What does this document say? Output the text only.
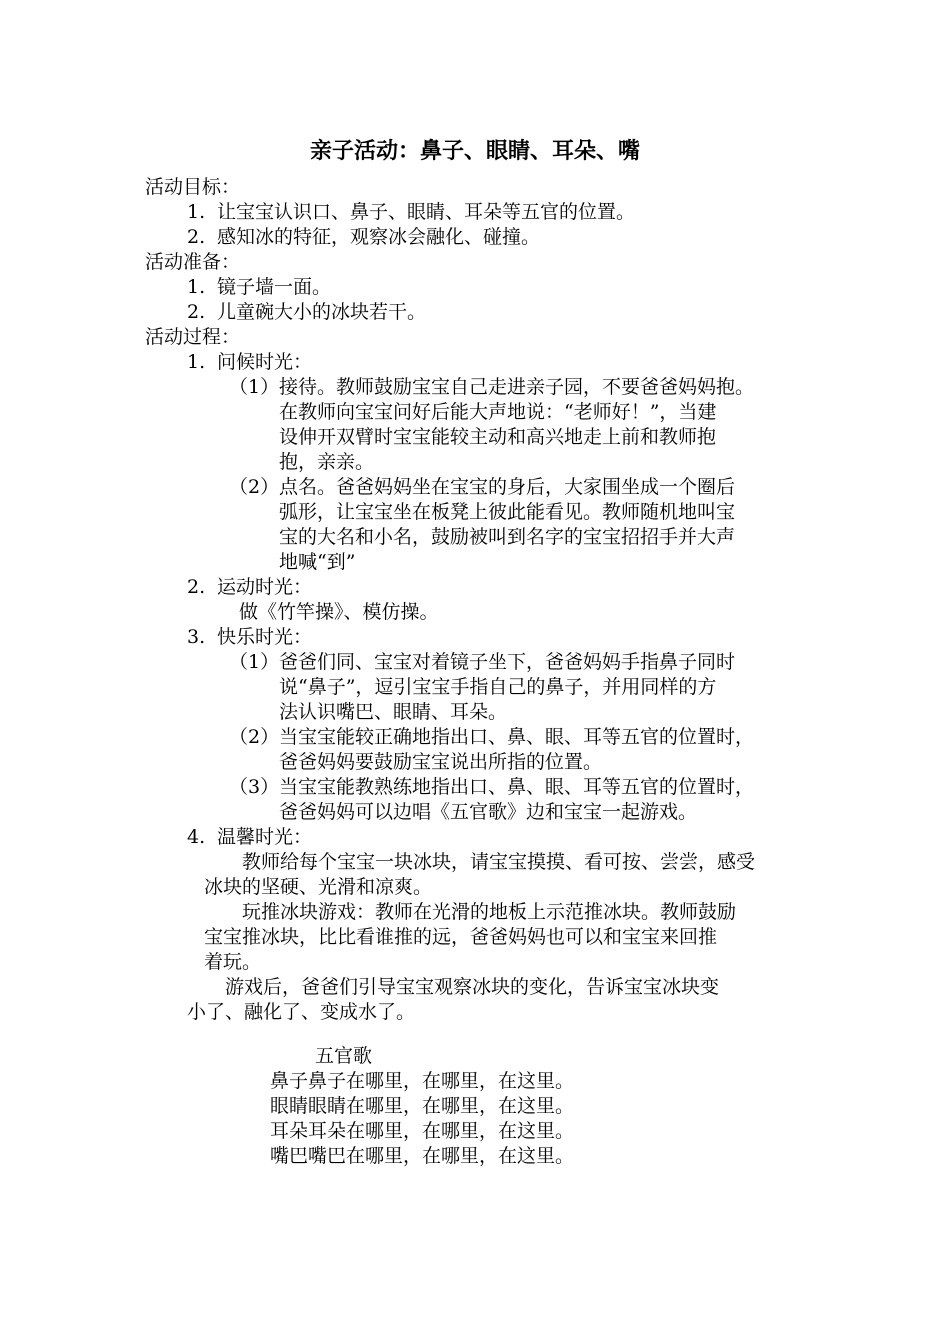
亲子活动：鼻子、眼睛、耳朵、嘴
活动目标：
1. 让宝宝认识口、鼻子、眼睛、耳朵等五官的位置。
2. 感知冰的特征，观察冰会融化、碰撞。
活动准备：
1. 镜子墙一面。
2. 儿童碗大小的冰块若干。
活动过程：
1. 问候时光：
（1） 接待。教师鼓励宝宝自己走进亲子园，不要爸爸妈妈抱。
在教师向宝宝问好后能大声地说：“老师好！”，当建
设伸开双臂时宝宝能较主动和高兴地走上前和教师抱
抱，亲亲。
（2） 点名。爸爸妈妈坐在宝宝的身后，大家围坐成一个圈后
弧形，让宝宝坐在板凳上彼此能看见。教师随机地叫宝
宝的大名和小名，鼓励被叫到名字的宝宝招招手并大声
地喊“到”
2. 运动时光：
做《竹竿操》、模仿操。
3. 快乐时光：
（1） 爸爸们同、宝宝对着镜子坐下，爸爸妈妈手指鼻子同时
说“鼻子”，逗引宝宝手指自己的鼻子，并用同样的方
法认识嘴巴、眼睛、耳朵。
（2） 当宝宝能较正确地指出口、鼻、眼、耳等五官的位置时，
爸爸妈妈要鼓励宝宝说出所指的位置。
（3） 当宝宝能教熟练地指出口、鼻、眼、耳等五官的位置时，
爸爸妈妈可以边唱《五官歌》边和宝宝一起游戏。
4. 温馨时光：
　　教师给每个宝宝一块冰块，请宝宝摸摸、看可按、尝尝，感受
冰块的坚硬、光滑和凉爽。
　　玩推冰块游戏：教师在光滑的地板上示范推冰块。教师鼓励
宝宝推冰块，比比看谁推的远，爸爸妈妈也可以和宝宝来回推
着玩。
　　游戏后，爸爸们引导宝宝观察冰块的变化，告诉宝宝冰块变
小了、融化了、变成水了。
五官歌
鼻子鼻子在哪里，在哪里，在这里。
眼睛眼睛在哪里，在哪里，在这里。
耳朵耳朵在哪里，在哪里，在这里。
嘴巴嘴巴在哪里，在哪里，在这里。
